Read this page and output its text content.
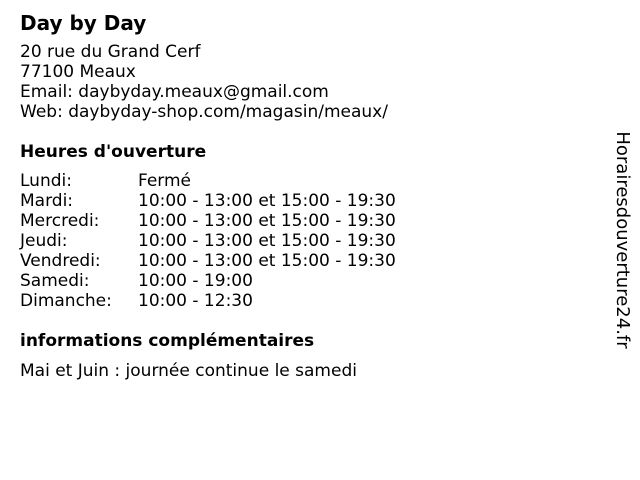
Day by Day
20 rue du Grand Cerf
77100 Meaux
Email: daybyday.meaux@gmail.com
Web: daybyday-shop.com/magasin/meaux/
Heures d'ouverture
Lundi:	Fermé
Mardi:	10:00 - 13:00 et 15:00 - 19:30
Mercredi:	10:00 - 13:00 et 15:00 - 19:30
Jeudi:	10:00 - 13:00 et 15:00 - 19:30
Vendredi:	10:00 - 13:00 et 15:00 - 19:30
Samedi:	10:00 - 19:00
Dimanche:	10:00 - 12:30
informations complémentaires
Mai et Juin : journée continue le samedi
Horairesdouverture24.fr
